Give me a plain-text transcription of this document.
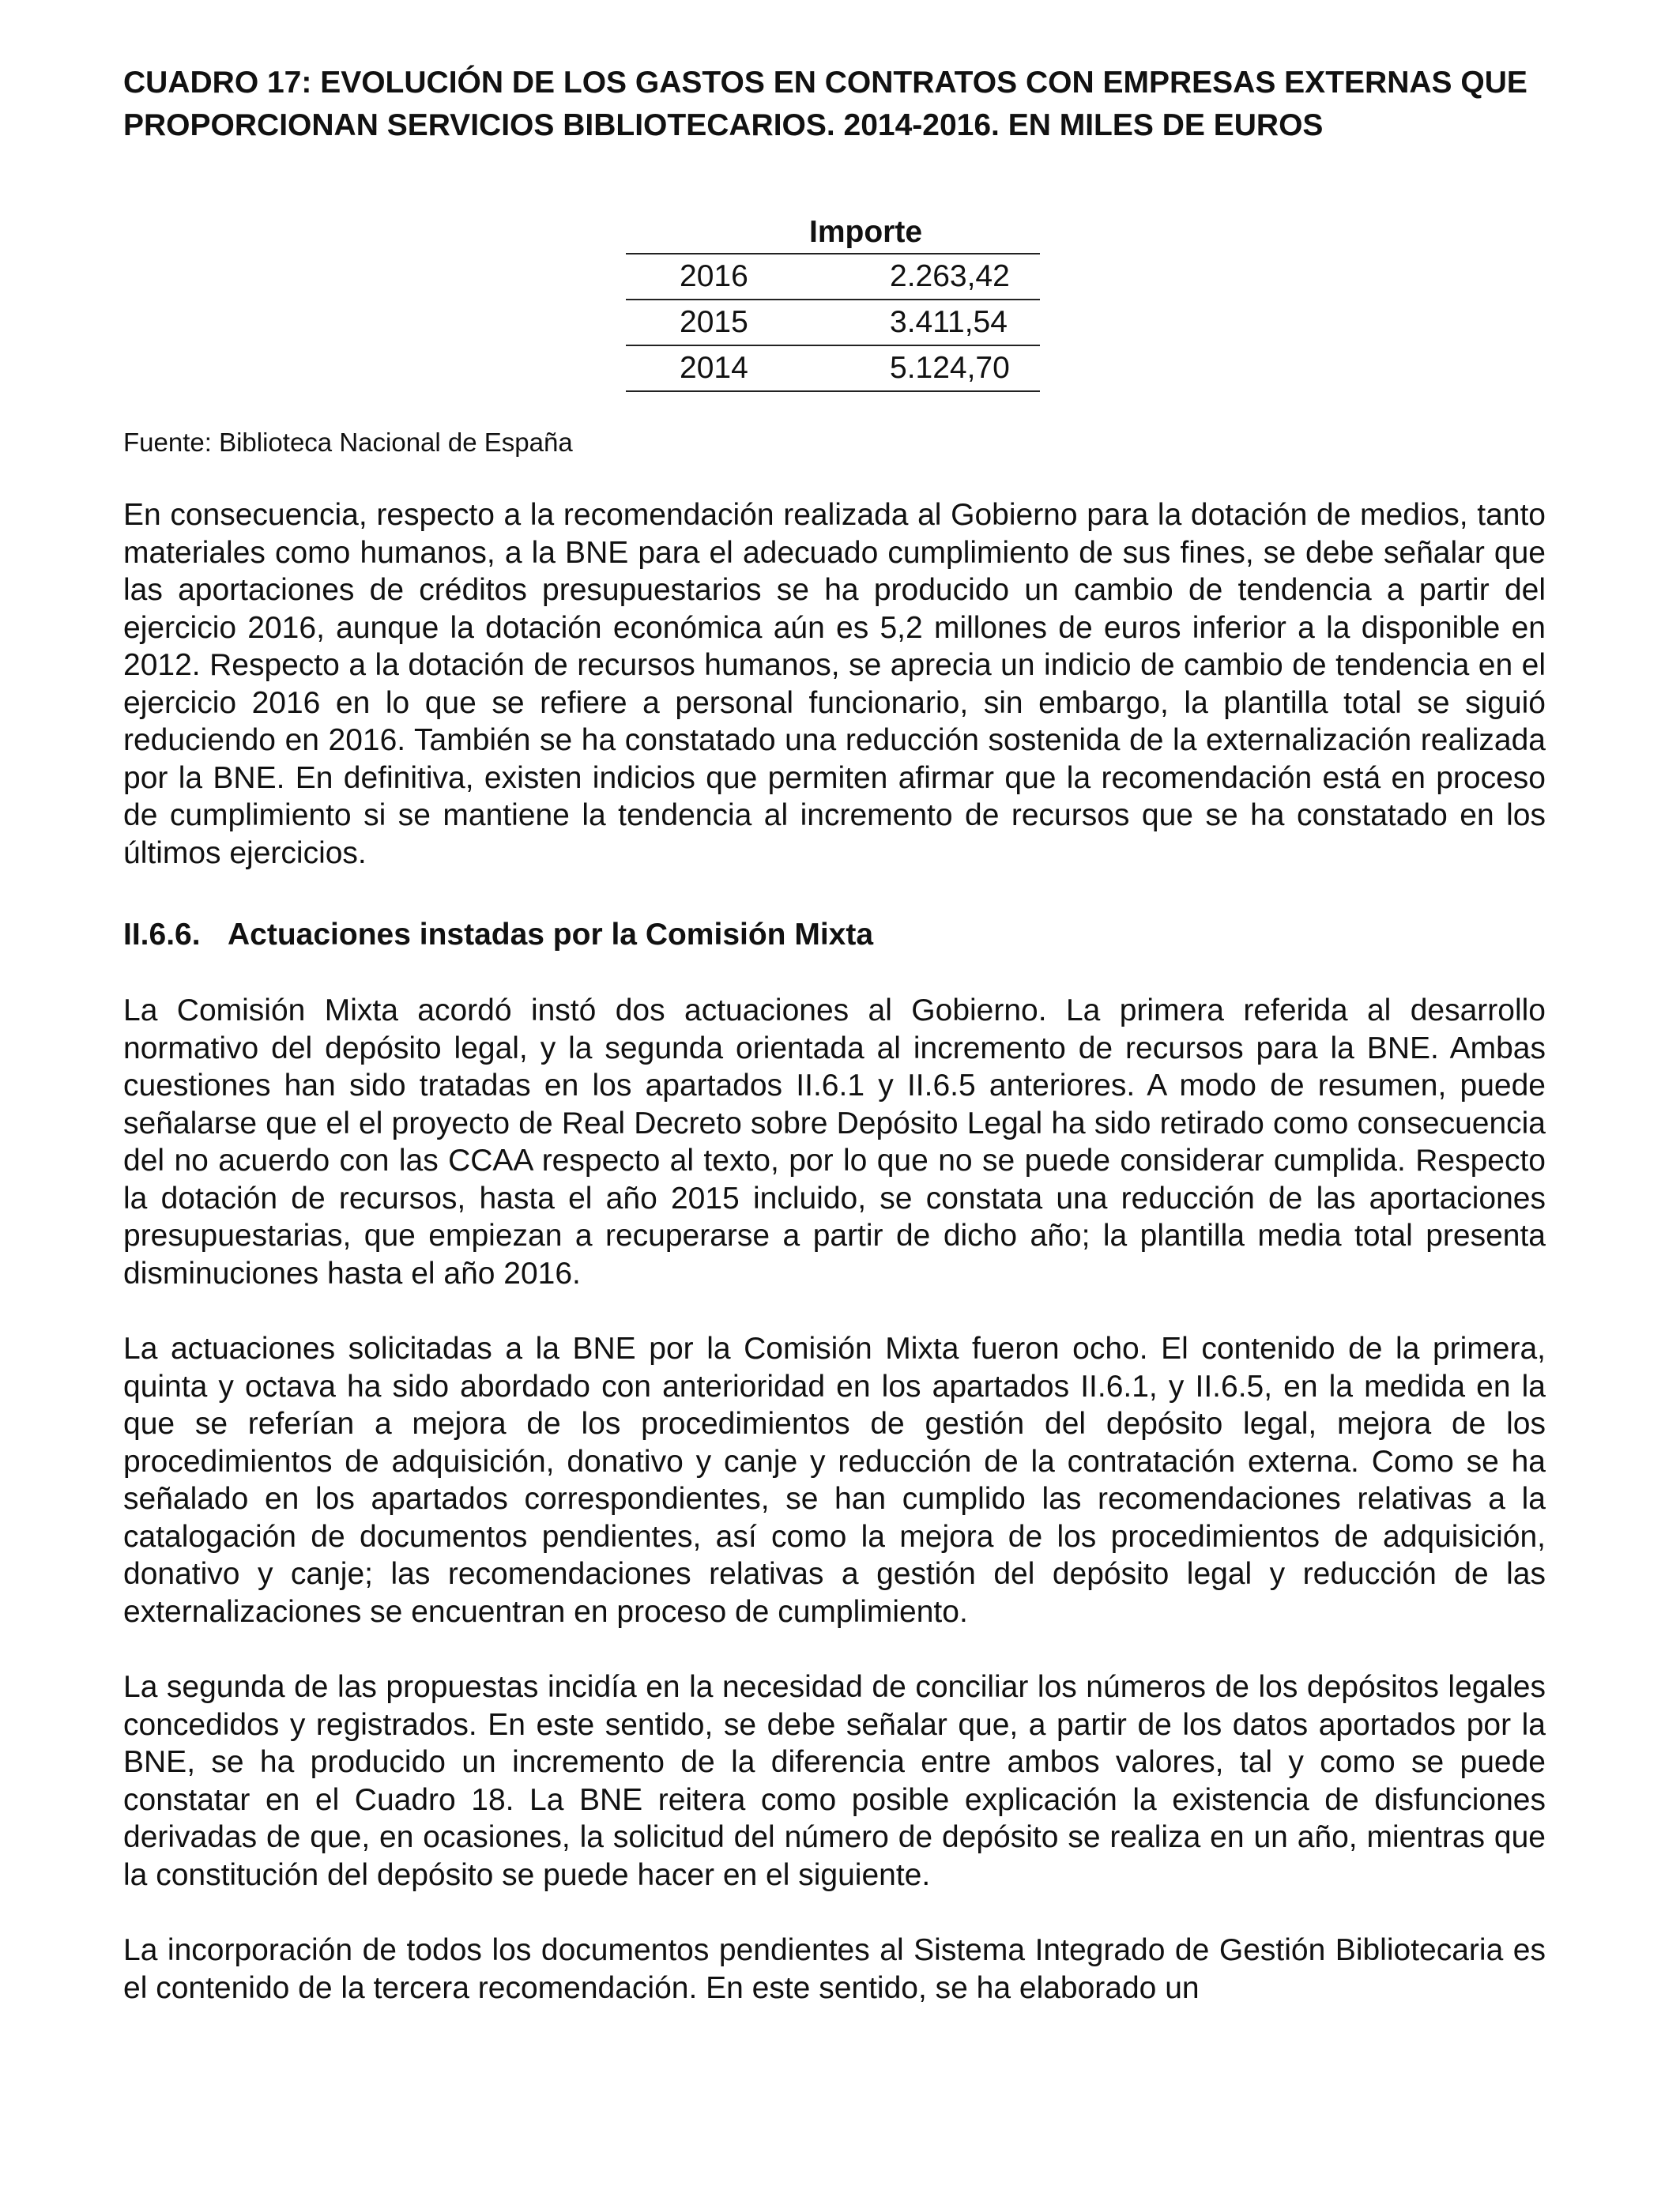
CUADRO 17: EVOLUCIÓN DE LOS GASTOS EN CONTRATOS CON EMPRESAS EXTERNAS QUE PROPORCIONAN SERVICIOS BIBLIOTECARIOS. 2014-2016. EN MILES DE EUROS
Importe	
2016	2.263,42
2015	3.411,54
2014	5.124,70
Fuente: Biblioteca Nacional de España

En consecuencia, respecto a la recomendación realizada al Gobierno para la dotación de medios, tanto materiales como humanos, a la BNE para el adecuado cumplimiento de sus fines, se debe señalar que las aportaciones de créditos presupuestarios se ha producido un cambio de tendencia a partir del ejercicio 2016, aunque la dotación económica aún es 5,2 millones de euros inferior a la disponible en 2012. Respecto a la dotación de recursos humanos, se aprecia un indicio de cambio de tendencia en el ejercicio 2016 en lo que se refiere a personal funcionario, sin embargo, la plantilla total se siguió reduciendo en 2016. También se ha constatado una reducción sostenida de la externalización realizada por la BNE. En definitiva, existen indicios que permiten afirmar que la recomendación está en proceso de cumplimiento si se mantiene la tendencia al incremento de recursos que se ha constatado en los últimos ejercicios.

II.6.6. Actuaciones instadas por la Comisión Mixta

La Comisión Mixta acordó instó dos actuaciones al Gobierno. La primera referida al desarrollo normativo del depósito legal, y la segunda orientada al incremento de recursos para la BNE. Ambas cuestiones han sido tratadas en los apartados II.6.1 y II.6.5 anteriores. A modo de resumen, puede señalarse que el el proyecto de Real Decreto sobre Depósito Legal ha sido retirado como consecuencia del no acuerdo con las CCAA respecto al texto, por lo que no se puede considerar cumplida. Respecto la dotación de recursos, hasta el año 2015 incluido, se constata una reducción de las aportaciones presupuestarias, que empiezan a recuperarse a partir de dicho año; la plantilla media total presenta disminuciones hasta el año 2016.

La actuaciones solicitadas a la BNE por la Comisión Mixta fueron ocho. El contenido de la primera, quinta y octava ha sido abordado con anterioridad en los apartados II.6.1, y II.6.5, en la medida en la que se referían a mejora de los procedimientos de gestión del depósito legal, mejora de los procedimientos de adquisición, donativo y canje y reducción de la contratación externa. Como se ha señalado en los apartados correspondientes, se han cumplido las recomendaciones relativas a la catalogación de documentos pendientes, así como la mejora de los procedimientos de adquisición, donativo y canje; las recomendaciones relativas a gestión del depósito legal y reducción de las externalizaciones se encuentran en proceso de cumplimiento.

La segunda de las propuestas incidía en la necesidad de conciliar los números de los depósitos legales concedidos y registrados. En este sentido, se debe señalar que, a partir de los datos aportados por la BNE, se ha producido un incremento de la diferencia entre ambos valores, tal y como se puede constatar en el Cuadro 18. La BNE reitera como posible explicación la existencia de disfunciones derivadas de que, en ocasiones, la solicitud del número de depósito se realiza en un año, mientras que la constitución del depósito se puede hacer en el siguiente.

La incorporación de todos los documentos pendientes al Sistema Integrado de Gestión Bibliotecaria es el contenido de la tercera recomendación. En este sentido, se ha elaborado un
